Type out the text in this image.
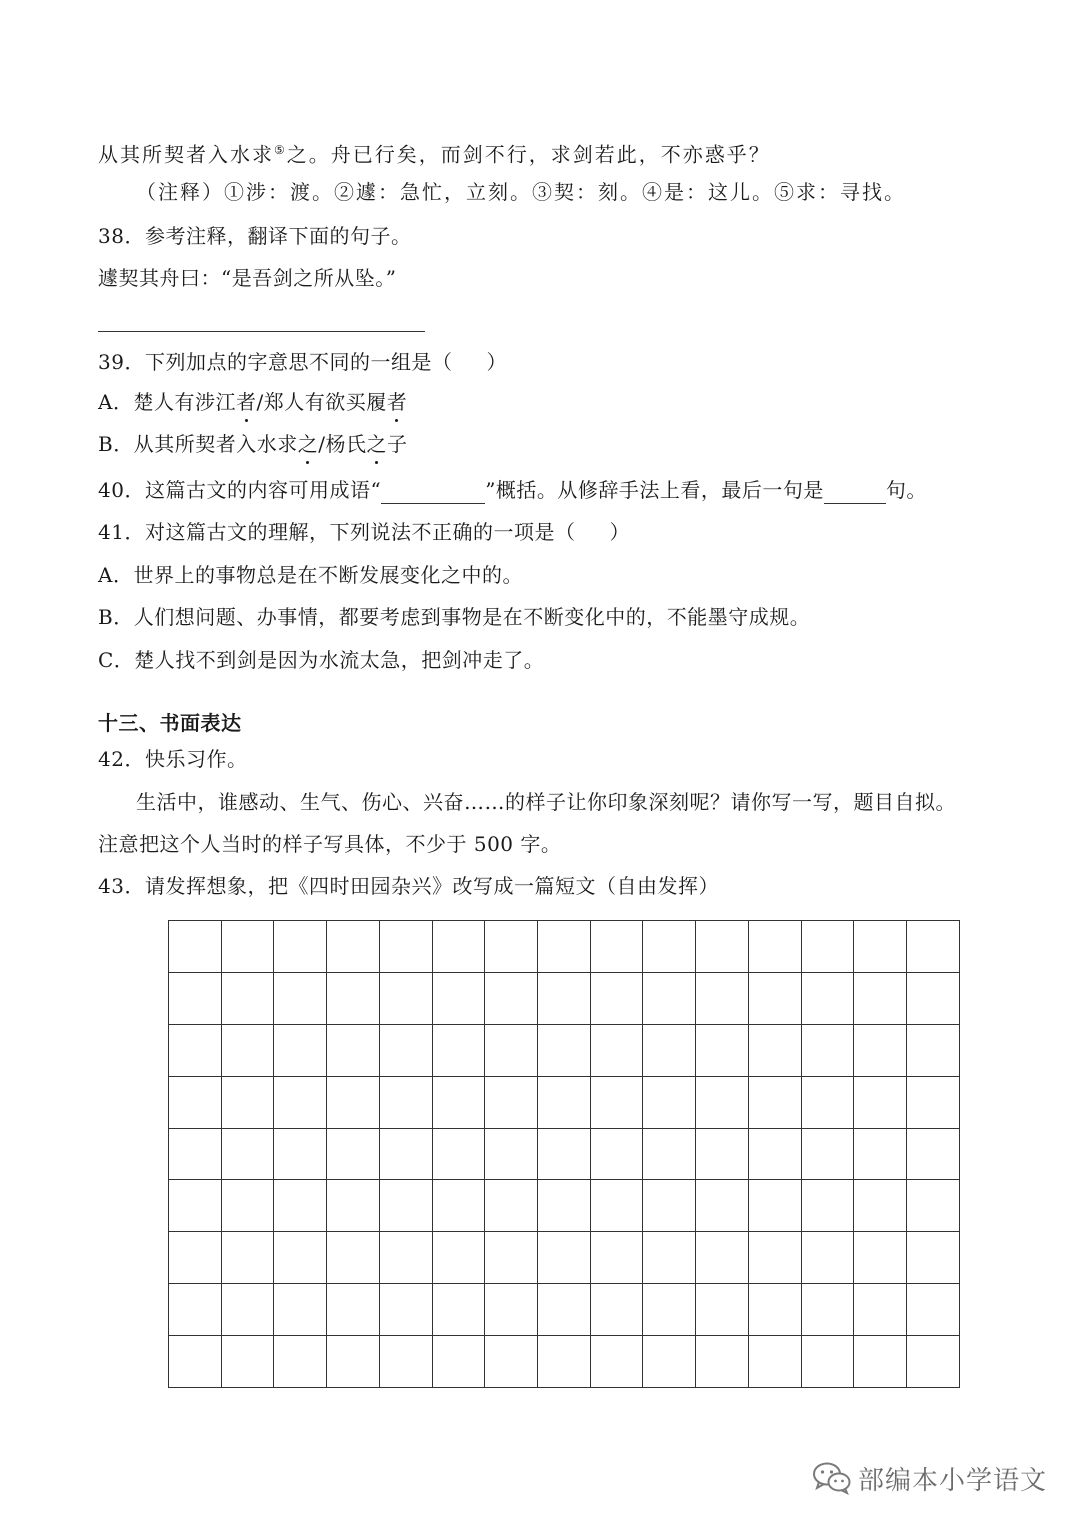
从其所契者入水求⑤之。舟已行矣，而剑不行，求剑若此，不亦惑乎？
（注释）①涉：渡。②遽：急忙，立刻。③契：刻。④是：这儿。⑤求：寻找。
38．参考注释，翻译下面的句子。
遽契其舟曰：“是吾剑之所从坠。”
39．下列加点的字意思不同的一组是（ ）
A．楚人有涉江者/郑人有欲买履者
B．从其所契者入水求之/杨氏之子
40．这篇古文的内容可用成语“	”概括。从修辞手法上看，最后一句是	句。
41．对这篇古文的理解，下列说法不正确的一项是（ ）
A．世界上的事物总是在不断发展变化之中的。
B．人们想问题、办事情，都要考虑到事物是在不断变化中的，不能墨守成规。
C．楚人找不到剑是因为水流太急，把剑冲走了。
十三、书面表达
42．快乐习作。
生活中，谁感动、生气、伤心、兴奋……的样子让你印象深刻呢？请你写一写，题目自拟。
注意把这个人当时的样子写具体，不少于 500 字。
43．请发挥想象，把《四时田园杂兴》改写成一篇短文（自由发挥）

部编本小学语文
